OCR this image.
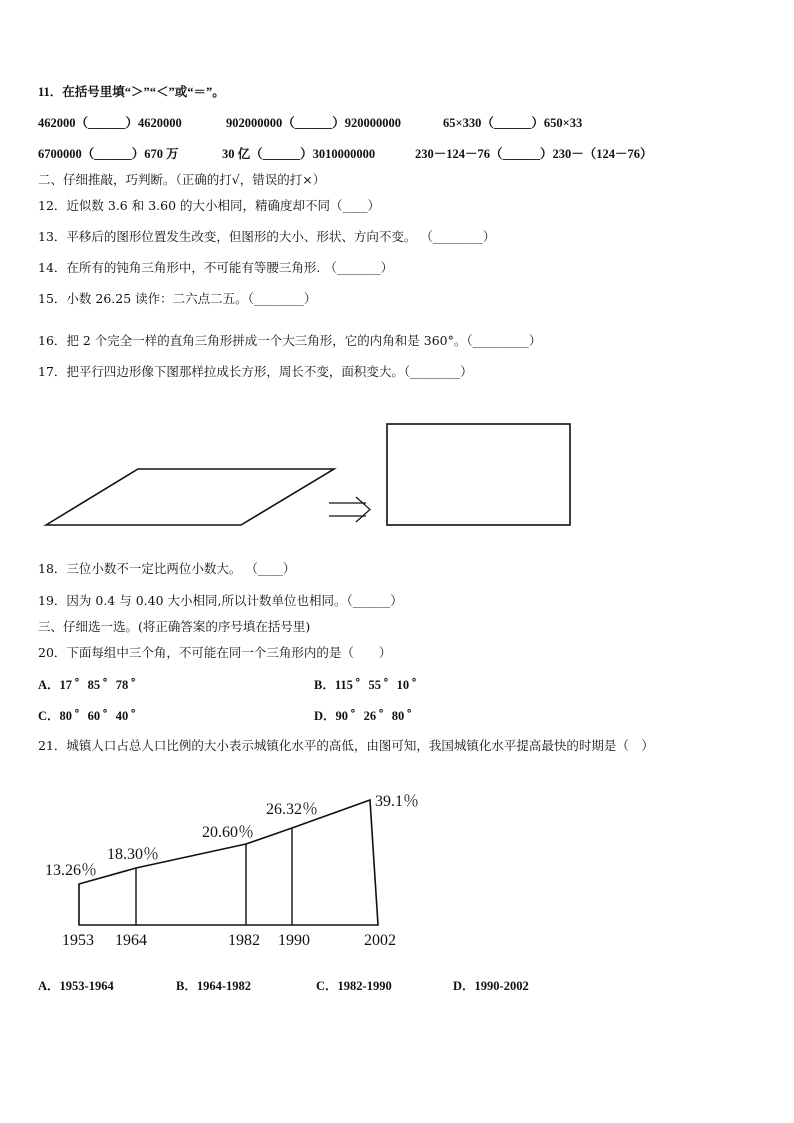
11．在括号里填“＞”“＜”或“＝”。
462000（______）4620000	902000000（______）920000000	65×330（______）650×33
6700000（______）670 万	30 亿（______）3010000000	230－124－76（______）230－（124－76）
二、仔细推敲，巧判断。（正确的打√，错误的打×）
12．近似数 3.6 和 3.60 的大小相同，精确度却不同（____）
13．平移后的图形位置发生改变，但图形的大小、形状、方向不变。 （________）
14．在所有的钝角三角形中，不可能有等腰三角形. （_______）
15．小数 26.25 读作：二六点二五。（________）
16．把 2 个完全一样的直角三角形拼成一个大三角形，它的内角和是 360°。（_________）
17．把平行四边形像下图那样拉成长方形，周长不变，面积变大。（________）
18．三位小数不一定比两位小数大。 （____）
19．因为 0.4 与 0.40 大小相同,所以计数单位也相同。（______）
三、仔细选一选。(将正确答案的序号填在括号里)
20．下面每组中三个角，不可能在同一个三角形内的是（　　）
A．17 ゜85 ゜78 ゜	B．115 ゜55 ゜10 ゜
C．80 ゜60 ゜40 ゜	D．90 ゜26 ゜80 ゜
21．城镇人口占总人口比例的大小表示城镇化水平的高低，由图可知，我国城镇化水平提高最快的时期是（　）
13.26％
18.30％
20.60％
26.32％	39.1％
1953 1964	1982 1990	2002
A．1953-1964	B．1964-1982	C．1982-1990	D．1990-2002
